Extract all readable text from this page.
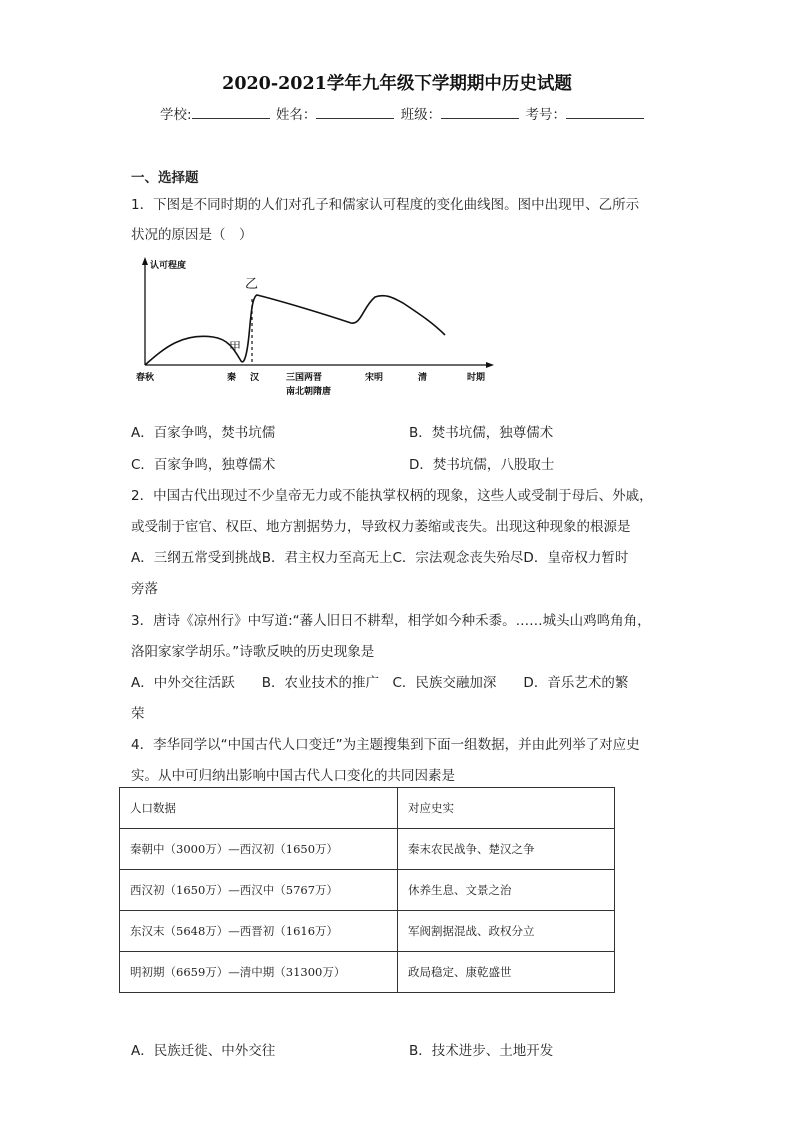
2020-2021学年九年级下学期期中历史试题
学校:	姓名：	班级：	考号：
一、选择题
1．下图是不同时期的人们对孔子和儒家认可程度的变化曲线图。图中出现甲、乙所示
状况的原因是（　）
认可程度
甲
乙
春秋	秦 汉	三国两晋
南北朝隋唐
宋明	清	时期
A．百家争鸣，焚书坑儒	B．焚书坑儒，独尊儒术
C．百家争鸣，独尊儒术	D．焚书坑儒，八股取士
2．中国古代出现过不少皇帝无力或不能执掌权柄的现象，这些人或受制于母后、外戚，
或受制于宦官、权臣、地方割据势力，导致权力萎缩或丧失。出现这种现象的根源是
A．三纲五常受到挑战B．君主权力至高无上C．宗法观念丧失殆尽D．皇帝权力暂时
旁落
3．唐诗《凉州行》中写道:“蕃人旧日不耕犁，相学如今种禾黍。……城头山鸡鸣角角，
洛阳家家学胡乐。”诗歌反映的历史现象是
A．中外交往活跃　　B．农业技术的推广　C．民族交融加深　　D．音乐艺术的繁
荣
4．李华同学以“中国古代人口变迁”为主题搜集到下面一组数据，并由此列举了对应史
实。从中可归纳出影响中国古代人口变化的共同因素是
人口数据	对应史实
秦朝中（3000万）—西汉初（1650万）	秦末农民战争、楚汉之争
西汉初（1650万）—西汉中（5767万）	休养生息、文景之治
东汉末（5648万）—西晋初（1616万）	军阀割据混战、政权分立
明初期（6659万）—清中期（31300万）	政局稳定、康乾盛世
A．民族迁徙、中外交往	B．技术进步、土地开发
